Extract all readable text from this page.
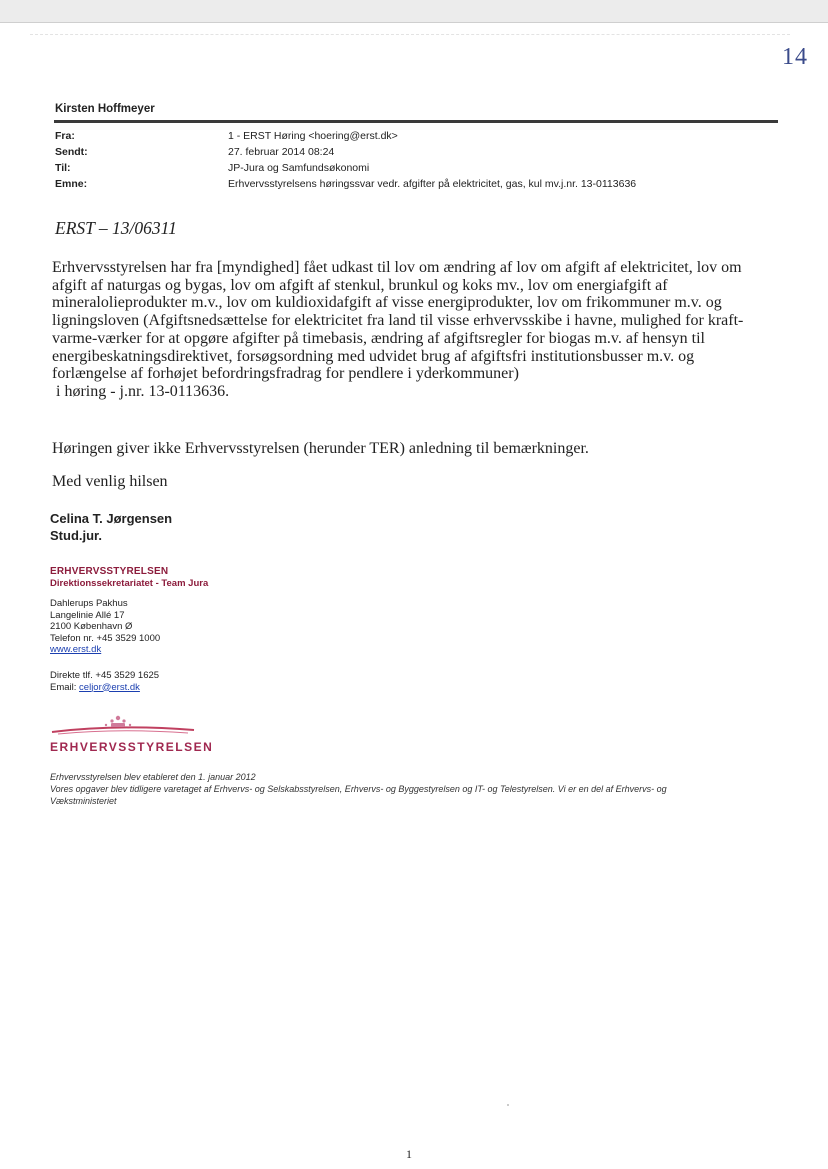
14
Kirsten Hoffmeyer
Fra:	1 - ERST Høring <hoering@erst.dk>
Sendt:	27. februar 2014 08:24
Til:	JP-Jura og Samfundsøkonomi
Emne:	Erhvervsstyrelsens høringssvar vedr. afgifter på elektricitet, gas, kul mv.j.nr. 13-0113636
ERST – 13/06311
Erhvervsstyrelsen har fra [myndighed] fået udkast til lov om ændring af lov om afgift af elektricitet, lov om
afgift af naturgas og bygas, lov om afgift af stenkul, brunkul og koks mv., lov om energiafgift af
mineralolieprodukter m.v., lov om kuldioxidafgift af visse energiprodukter, lov om frikommuner m.v. og
ligningsloven (Afgiftsnedsættelse for elektricitet fra land til visse erhvervsskibe i havne, mulighed for kraft-
varme-værker for at opgøre afgifter på timebasis, ændring af afgiftsregler for biogas m.v. af hensyn til
energibeskatningsdirektivet, forsøgsordning med udvidet brug af afgiftsfri institutionsbusser m.v. og
forlængelse af forhøjet befordringsfradrag for pendlere i yderkommuner)
i høring - j.nr. 13-0113636.
Høringen giver ikke Erhvervsstyrelsen (herunder TER) anledning til bemærkninger.
Med venlig hilsen
Celina T. Jørgensen
Stud.jur.
ERHVERVSSTYRELSEN
Direktionssekretariatet - Team Jura
Dahlerups Pakhus
Langelinie Allé 17
2100 København Ø
Telefon nr. +45 3529 1000
www.erst.dk
Direkte tlf. +45 3529 1625
Email: celjor@erst.dk
ERHVERVSSTYRELSEN
Erhvervsstyrelsen blev etableret den 1. januar 2012
Vores opgaver blev tidligere varetaget af Erhvervs- og Selskabsstyrelsen, Erhvervs- og Byggestyrelsen og IT- og Telestyrelsen. Vi er en del af Erhvervs- og
Vækstministeriet
1
